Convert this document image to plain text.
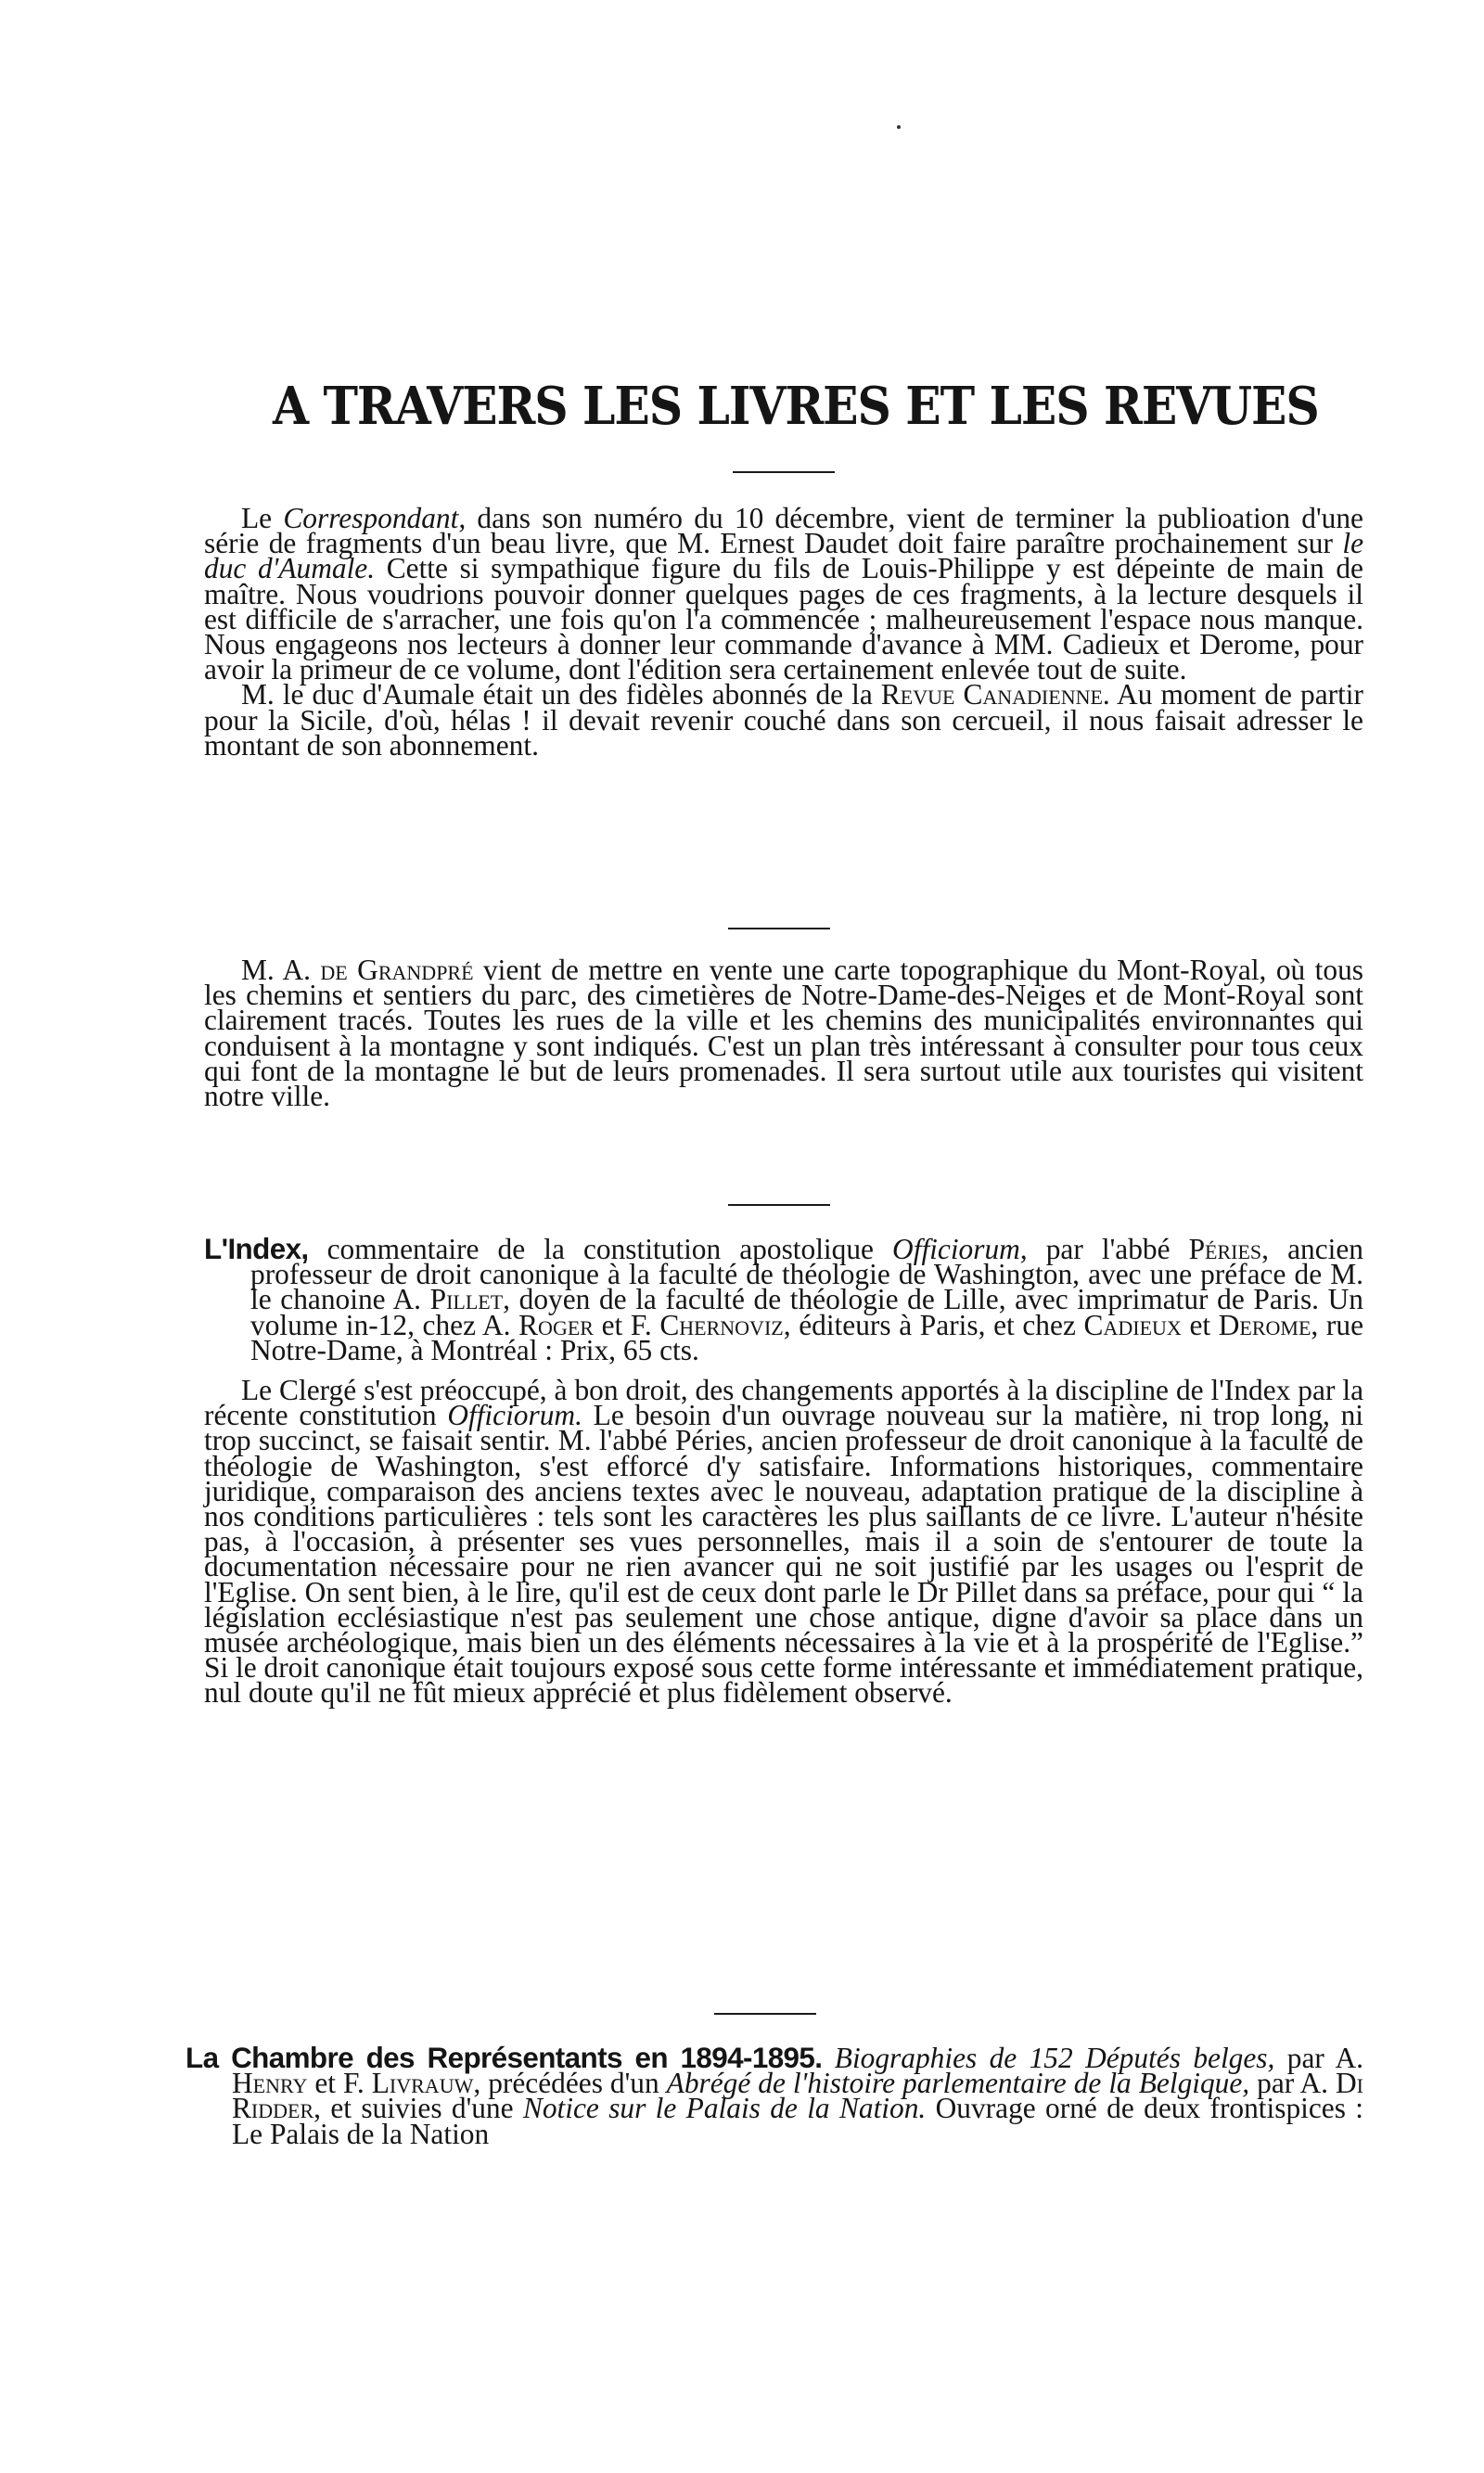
A TRAVERS LES LIVRES ET LES REVUES

Le Correspondant, dans son numéro du 10 décembre, vient de terminer la publioation d'une série de fragments d'un beau livre, que M. Ernest Daudet doit faire paraître prochainement sur le duc d'Aumale. Cette si sympathique figure du fils de Louis-Philippe y est dépeinte de main de maître. Nous voudrions pouvoir donner quelques pages de ces fragments, à la lecture desquels il est difficile de s'arracher, une fois qu'on l'a commencée ; malheureusement l'espace nous manque. Nous engageons nos lecteurs à donner leur commande d'avance à MM. Cadieux et Derome, pour avoir la primeur de ce volume, dont l'édition sera certainement enlevée tout de suite.

M. le duc d'Aumale était un des fidèles abonnés de la Revue Canadienne. Au moment de partir pour la Sicile, d'où, hélas ! il devait revenir couché dans son cercueil, il nous faisait adresser le montant de son abonnement.

M. A. de Grandpré vient de mettre en vente une carte topographique du Mont-Royal, où tous les chemins et sentiers du parc, des cimetières de Notre-Dame-des-Neiges et de Mont-Royal sont clairement tracés. Toutes les rues de la ville et les chemins des municipalités environnantes qui conduisent à la montagne y sont indiqués. C'est un plan très intéressant à consulter pour tous ceux qui font de la montagne le but de leurs promenades. Il sera surtout utile aux touristes qui visitent notre ville.

L'Index, commentaire de la constitution apostolique Officiorum, par l'abbé Péries, ancien professeur de droit canonique à la faculté de théologie de Washington, avec une préface de M. le chanoine A. Pillet, doyen de la faculté de théologie de Lille, avec imprimatur de Paris. Un volume in-12, chez A. Roger et F. Chernoviz, éditeurs à Paris, et chez Cadieux et Derome, rue Notre-Dame, à Montréal : Prix, 65 cts.

Le Clergé s'est préoccupé, à bon droit, des changements apportés à la discipline de l'Index par la récente constitution Officiorum. Le besoin d'un ouvrage nouveau sur la matière, ni trop long, ni trop succinct, se faisait sentir. M. l'abbé Péries, ancien professeur de droit canonique à la faculté de théologie de Washington, s'est efforcé d'y satisfaire. Informations historiques, commentaire juridique, comparaison des anciens textes avec le nouveau, adaptation pratique de la discipline à nos conditions particulières : tels sont les caractères les plus saillants de ce livre. L'auteur n'hésite pas, à l'occasion, à présenter ses vues personnelles, mais il a soin de s'entourer de toute la documentation nécessaire pour ne rien avancer qui ne soit justifié par les usages ou l'esprit de l'Eglise. On sent bien, à le lire, qu'il est de ceux dont parle le Dr Pillet dans sa préface, pour qui “ la législation ecclésiastique n'est pas seulement une chose antique, digne d'avoir sa place dans un musée archéologique, mais bien un des éléments nécessaires à la vie et à la prospérité de l'Eglise.” Si le droit canonique était toujours exposé sous cette forme intéressante et immédiatement pratique, nul doute qu'il ne fût mieux apprécié et plus fidèlement observé.

La Chambre des Représentants en 1894-1895. Biographies de 152 Députés belges, par A. Henry et F. Livrauw, précédées d'un Abrégé de l'histoire parlementaire de la Belgique, par A. Di Ridder, et suivies d'une Notice sur le Palais de la Nation. Ouvrage orné de deux frontispices : Le Palais de la Nation
